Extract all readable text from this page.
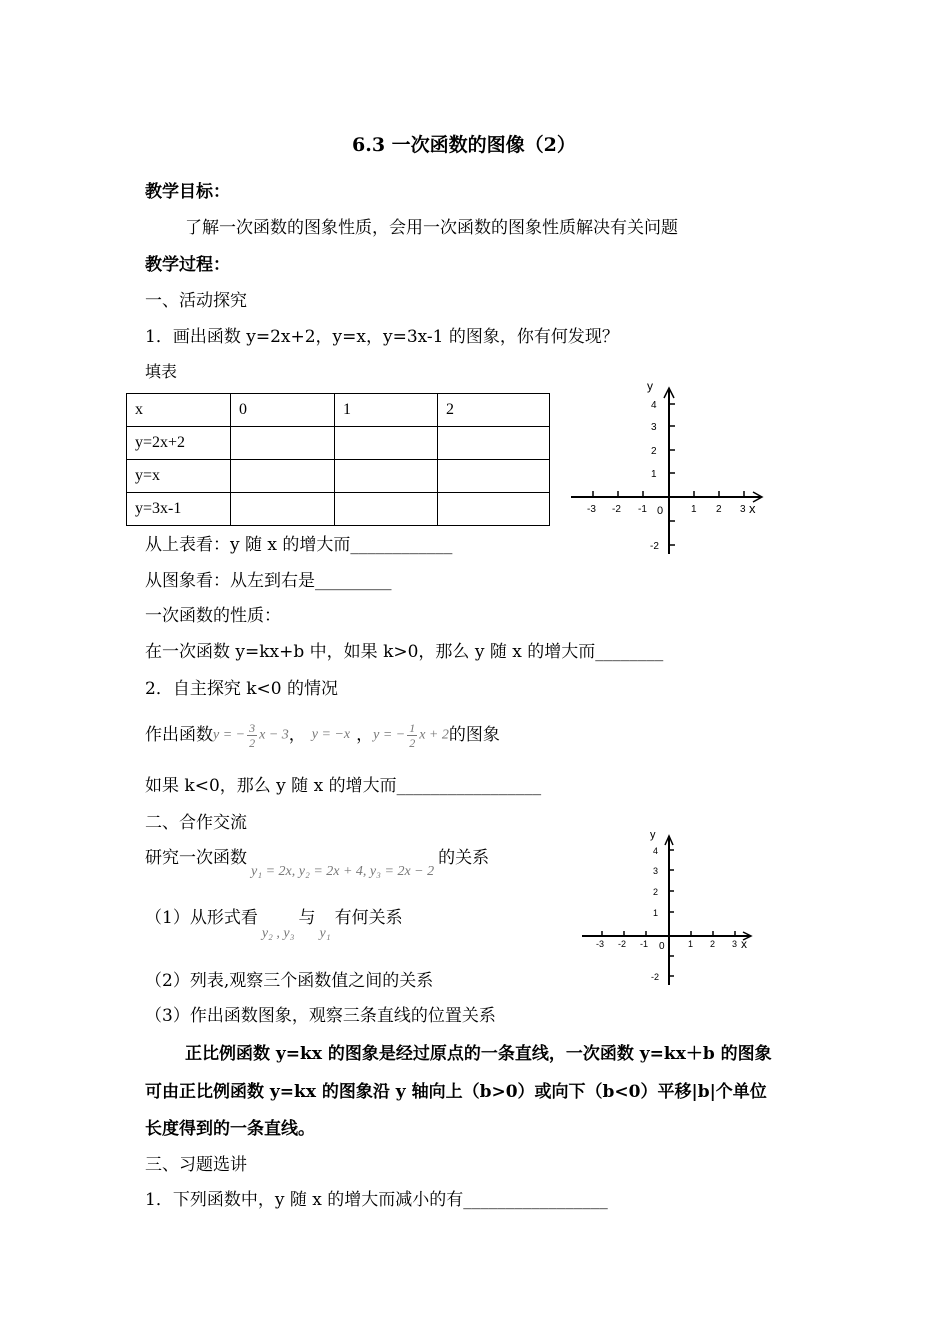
6.3 一次函数的图像（2）
教学目标：
了解一次函数的图象性质，会用一次函数的图象性质解决有关问题
教学过程：
一、活动探究
1．画出函数 y=2x+2，y=x，y=3x-1 的图象，你有何发现？
填表
x	0	1	2
y=2x+2			
y=x			
y=3x-1			
y
x
0
-3 -2 -1	1 2 3
4
3
2
1
-2
从上表看：y 随 x 的增大而____________
从图象看：从左到右是_________
一次函数的性质：
在一次函数 y=kx+b 中，如果 k>0，那么 y 随 x 的增大而________
2．自主探究 k<0 的情况
作出函数 y = − $\frac{3}{2}$ x − 3 ， y = −x ， y = − $\frac{1}{2}$ x + 2 的图象
如果 k<0，那么 y 随 x 的增大而_________________
二、合作交流
研究一次函数$_{y_1 = 2x, y_2 = 2x + 4, y_3 = 2x - 2}$的关系
（1）从形式看$_{y_2 , y_3}$与$_{y_1}$有何关系
y
x
0
-3 -2 -1	1 2 3
4
3
2
1
-2
（2）列表,观察三个函数值之间的关系
（3）作出函数图象，观察三条直线的位置关系
正比例函数 y=kx 的图象是经过原点的一条直线，一次函数 y=kx＋b 的图象
可由正比例函数 y=kx 的图象沿 y 轴向上（b>0）或向下（b<0）平移|b|个单位
长度得到的一条直线。
三、习题选讲
1．下列函数中，y 随 x 的增大而减小的有_________________
